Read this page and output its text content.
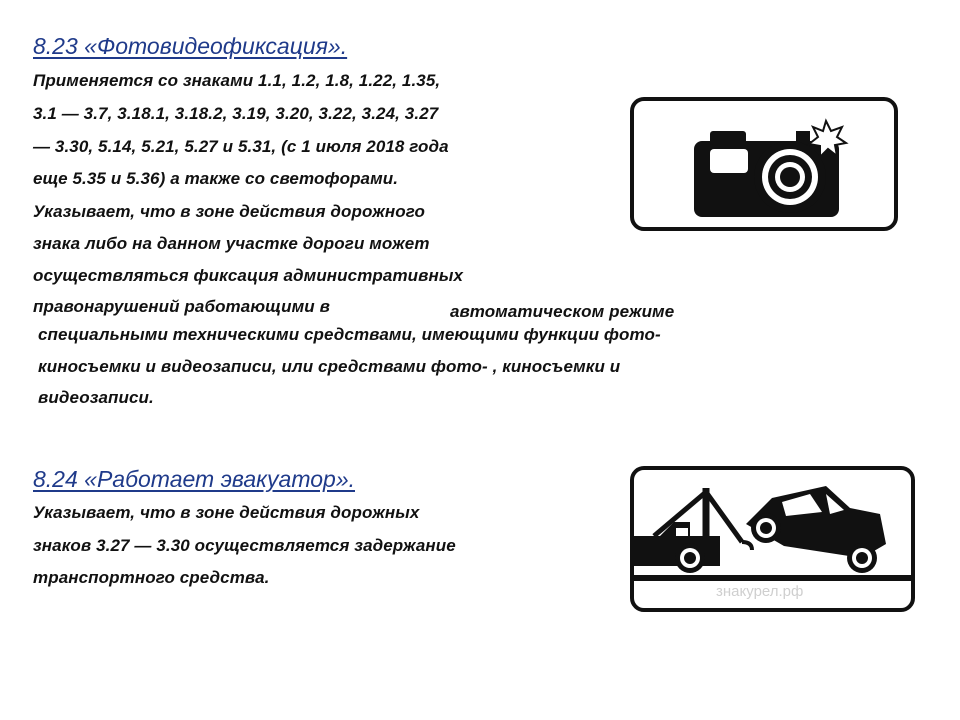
8.23 «Фотовидеофиксация».
Применяется со знаками 1.1, 1.2, 1.8, 1.22, 1.35,
3.1 — 3.7, 3.18.1, 3.18.2, 3.19, 3.20, 3.22, 3.24, 3.27
— 3.30, 5.14, 5.21, 5.27 и 5.31, (с 1 июля 2018 года
еще 5.35 и 5.36) а также со светофорами.
Указывает, что в зоне действия дорожного
знака либо на данном участке дороги может
осуществляться фиксация административных
правонарушений работающими в	автоматическом режиме
специальными техническими средствами, имеющими функции фото-
киносъемки и видеозаписи, или средствами фото- , киносъемки и
видеозаписи.
8.24 «Работает эвакуатор».
Указывает, что в зоне действия дорожных
знаков 3.27 — 3.30 осуществляется задержание
транспортного средства.
знакурел.рф
